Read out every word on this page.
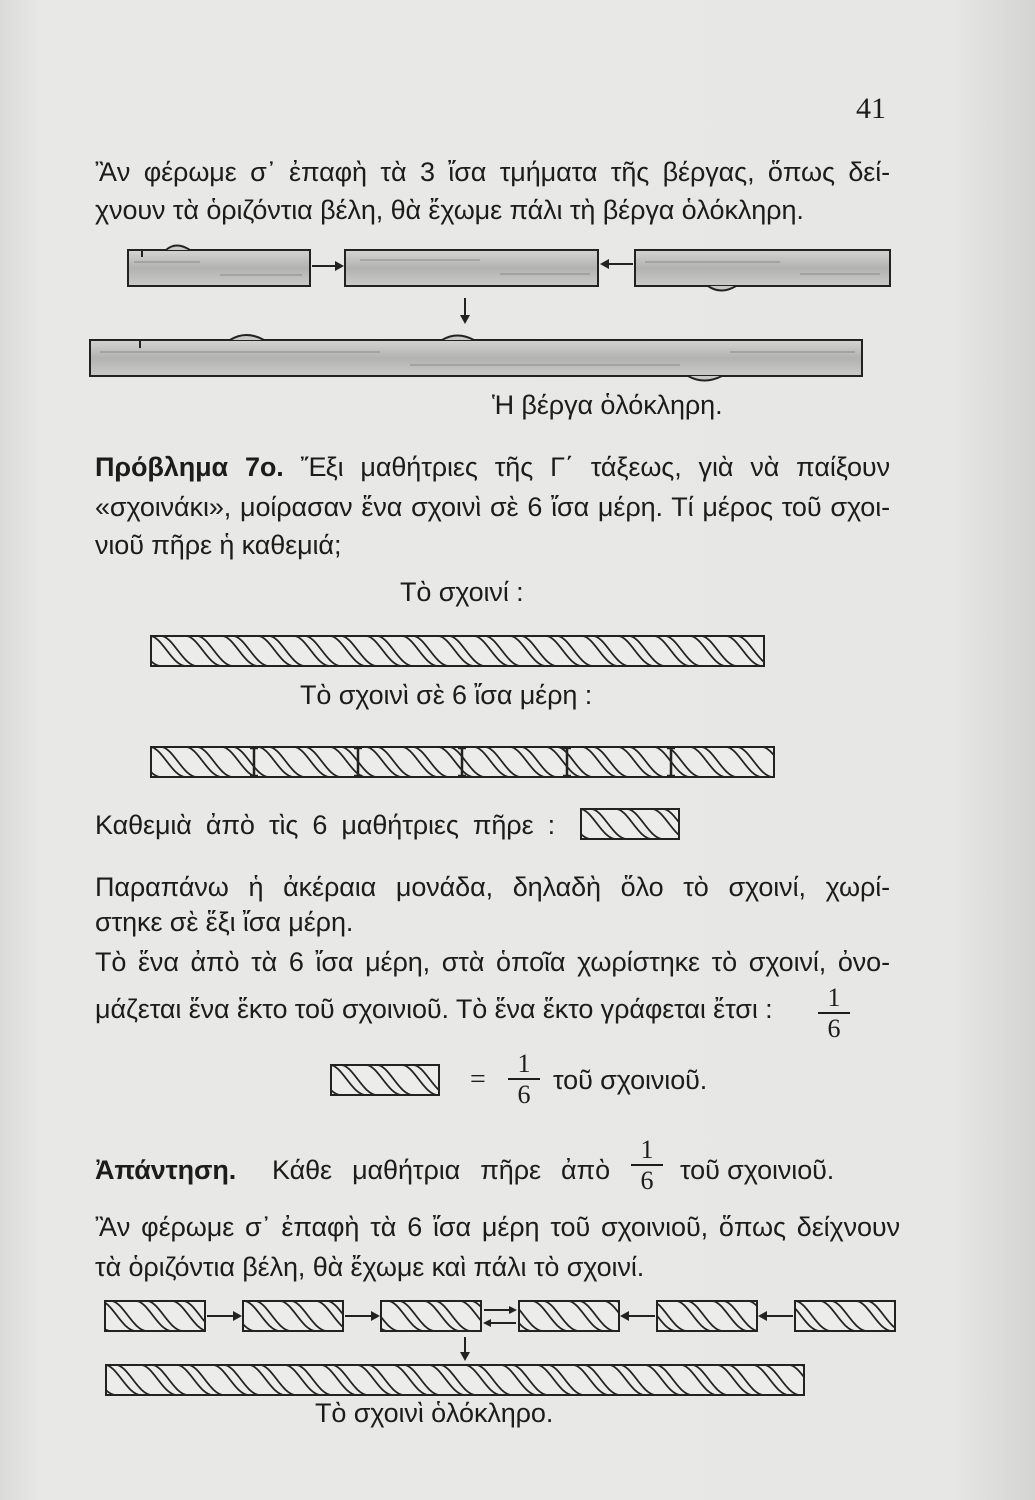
41
Ἂν φέρωμε σ᾿ ἐπαφὴ τὰ 3 ἴσα τμήματα τῆς βέργας, ὅπως δεί-
χνουν τὰ ὁριζόντια βέλη, θὰ ἔχωμε πάλι τὴ βέργα ὁλόκληρη.
Ἡ βέργα ὁλόκληρη.
Πρόβλημα 7ο. Ἔξι μαθήτριες τῆς Γ΄ τάξεως, γιὰ νὰ παίξουν
«σχοινάκι», μοίρασαν ἕνα σχοινὶ σὲ 6 ἴσα μέρη. Τί μέρος τοῦ σχοι-
νιοῦ πῆρε ἡ καθεμιά;
Τὸ σχοινί :
Τὸ σχοινὶ σὲ 6 ἴσα μέρη :
Καθεμιὰ ἀπὸ τὶς 6 μαθήτριες πῆρε :
Παραπάνω ἡ ἀκέραια μονάδα, δηλαδὴ ὅλο τὸ σχοινί, χωρί-
στηκε σὲ ἕξι ἴσα μέρη.
Τὸ ἕνα ἀπὸ τὰ 6 ἴσα μέρη, στὰ ὁποῖα χωρίστηκε τὸ σχοινί, ὀνο-
μάζεται ἕνα ἕκτο τοῦ σχοινιοῦ. Τὸ ἕνα ἕκτο γράφεται ἔτσι :	1
6
=
1
6 τοῦ σχοινιοῦ.
Ἀπάντηση. Κάθε μαθήτρια πῆρε ἀπὸ
1
6 τοῦ σχοινιοῦ.
Ἂν φέρωμε σ᾿ ἐπαφὴ τὰ 6 ἴσα μέρη τοῦ σχοινιοῦ, ὅπως δείχνουν
τὰ ὁριζόντια βέλη, θὰ ἔχωμε καὶ πάλι τὸ σχοινί.
Τὸ σχοινὶ ὁλόκληρο.
